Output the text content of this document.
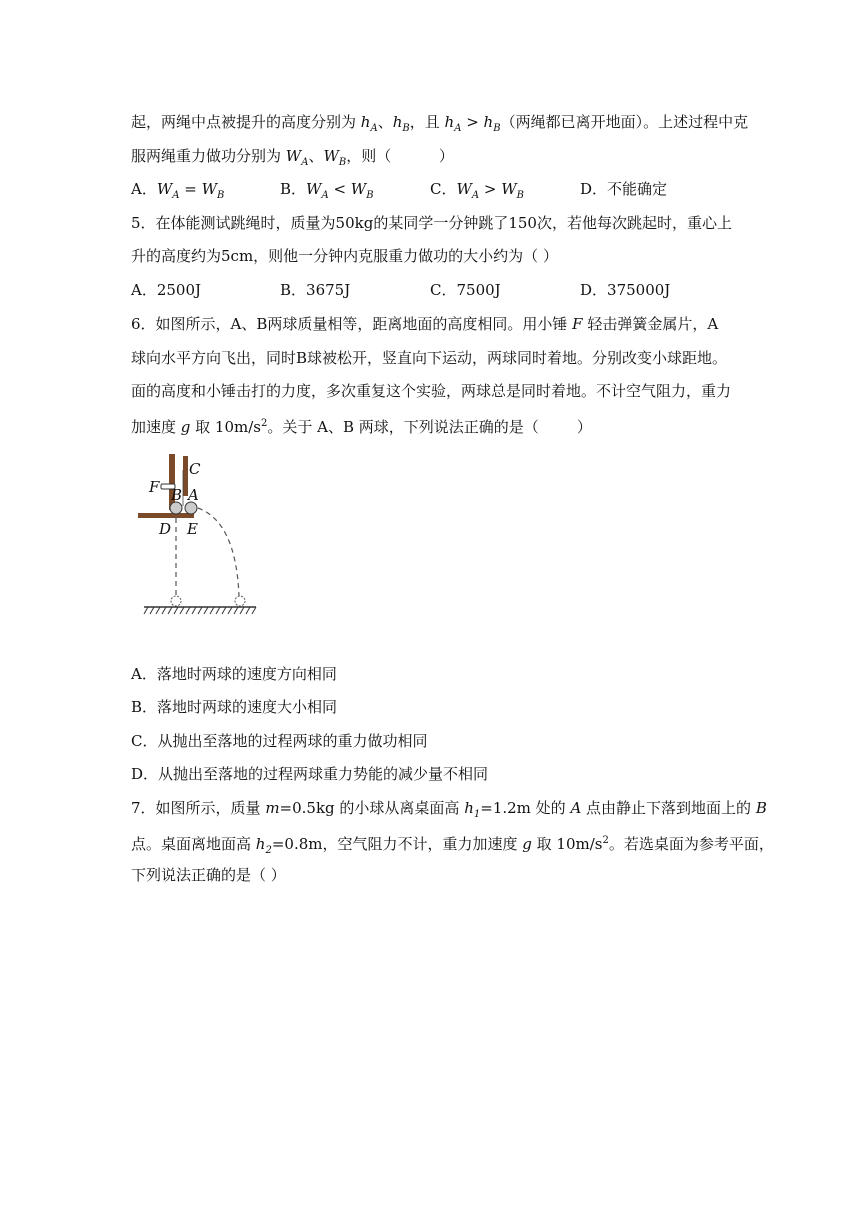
起，两绳中点被提升的高度分别为 $h_A$、$h_B$，且 $h_A > h_B$（两绳都已离开地面）。上述过程中克
服两绳重力做功分别为 $W_A$、$W_B$，则（          ）
A．$W_A = W_B$	B．$W_A < W_B$	C．$W_A > W_B$	D．不能确定
5．在体能测试跳绳时，质量为50kg的某同学一分钟跳了150次，若他每次跳起时，重心上
升的高度约为5cm，则他一分钟内克服重力做功的大小约为（ ）
A．2500J	B．3675J	C．7500J	D．375000J
6．如图所示，A、B两球质量相等，距离地面的高度相同。用小锤 F 轻击弹簧金属片，A
球向水平方向飞出，同时B球被松开，竖直向下运动，两球同时着地。分别改变小球距地。
面的高度和小锤击打的力度，多次重复这个实验，两球总是同时着地。不计空气阻力，重力
加速度 g 取 $10m/s^2$。关于 A、B 两球，下列说法正确的是（        ）
C
F B A
D E
A．落地时两球的速度方向相同
B．落地时两球的速度大小相同
C．从抛出至落地的过程两球的重力做功相同
D．从抛出至落地的过程两球重力势能的减少量不相同
7．如图所示，质量 m=0.5kg 的小球从离桌面高 $h_1=1.2m$ 处的 A 点由静止下落到地面上的 B
点。桌面离地面高 $h_2=0.8m$，空气阻力不计，重力加速度 g 取 $10m/s^2$。若选桌面为参考平面，
下列说法正确的是（ ）
